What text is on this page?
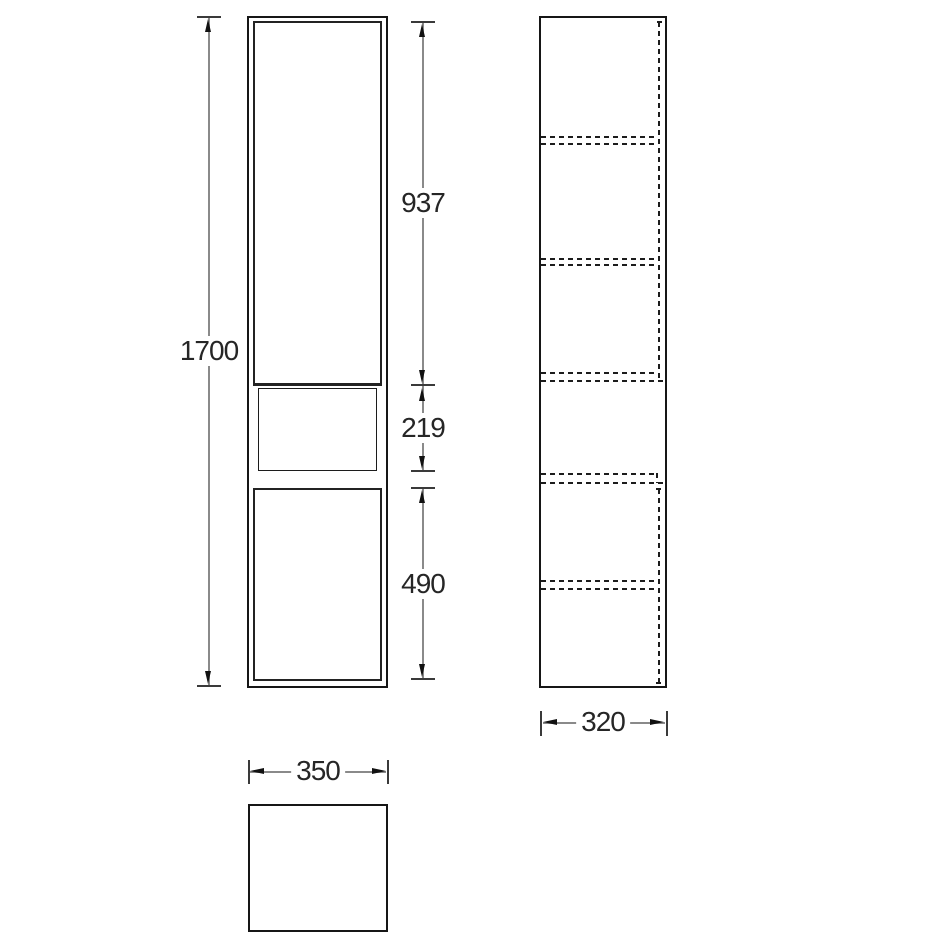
1700
937
219
490
320
350
